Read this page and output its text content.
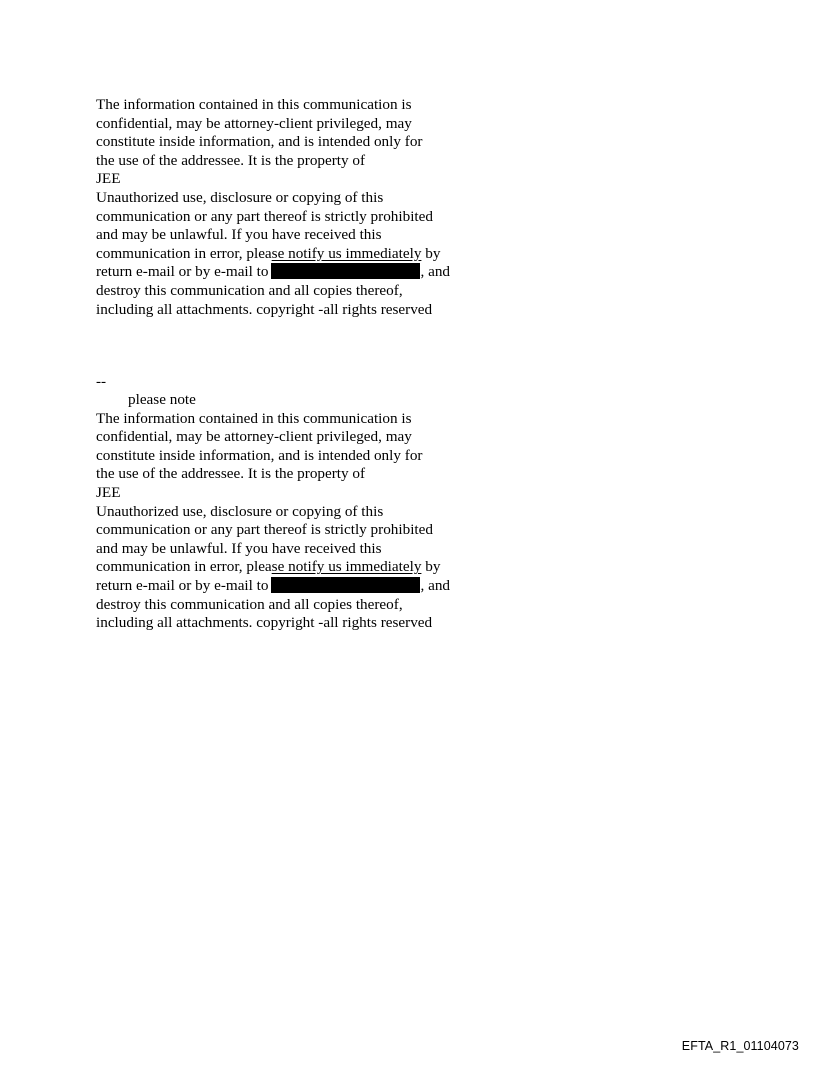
The information contained in this communication is
confidential, may be attorney-client privileged, may
constitute inside information, and is intended only for
the use of the addressee. It is the property of
JEE
Unauthorized use, disclosure or copying of this
communication or any part thereof is strictly prohibited
and may be unlawful. If you have received this
communication in error, please notify us immediately by
return e-mail or by e-mail to	, and
destroy this communication and all copies thereof,
including all attachments. copyright -all rights reserved
--
please note
The information contained in this communication is
confidential, may be attorney-client privileged, may
constitute inside information, and is intended only for
the use of the addressee. It is the property of
JEE
Unauthorized use, disclosure or copying of this
communication or any part thereof is strictly prohibited
and may be unlawful. If you have received this
communication in error, please notify us immediately by
return e-mail or by e-mail to	, and
destroy this communication and all copies thereof,
including all attachments. copyright -all rights reserved
EFTA_R1_01104073
